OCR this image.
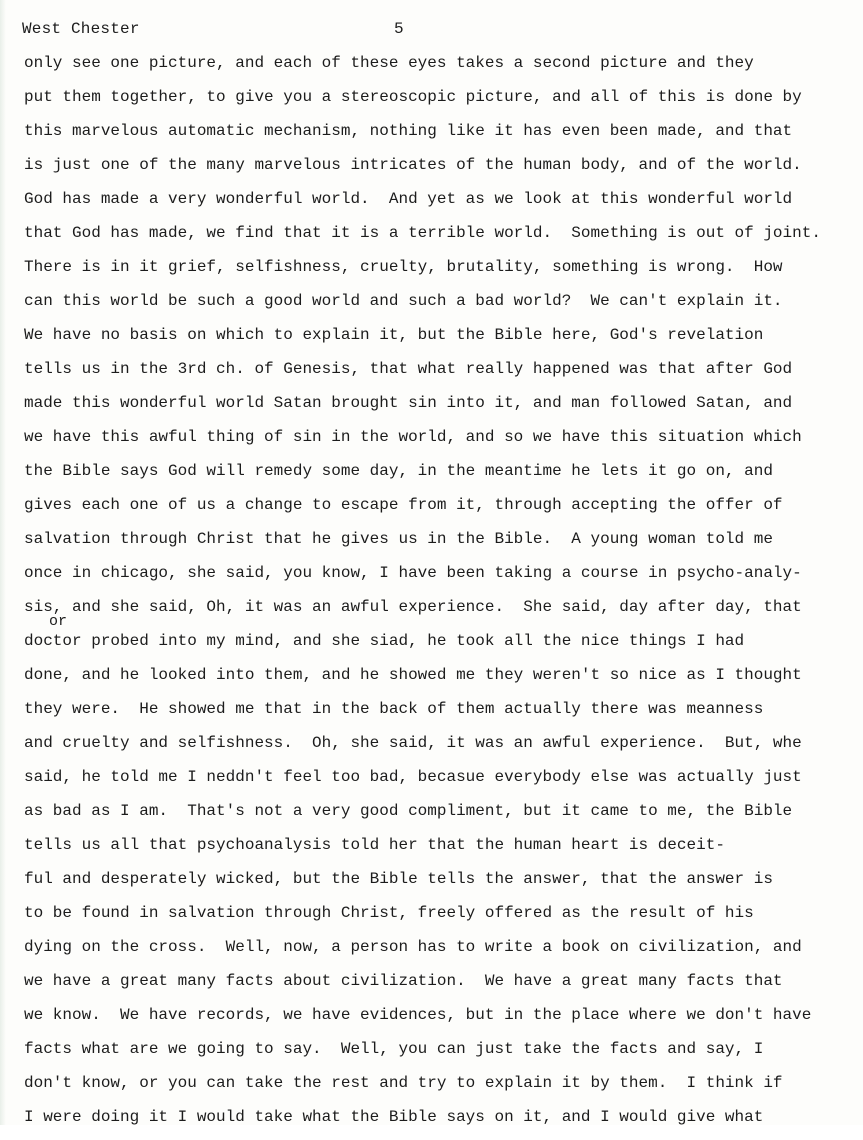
West Chester	5
or
only see one picture, and each of these eyes takes a second picture and they
put them together, to give you a stereoscopic picture, and all of this is done by
this marvelous automatic mechanism, nothing like it has even been made, and that
is just one of the many marvelous intricates of the human body, and of the world.
God has made a very wonderful world.  And yet as we look at this wonderful world
that God has made, we find that it is a terrible world.  Something is out of joint.
There is in it grief, selfishness, cruelty, brutality, something is wrong.  How
can this world be such a good world and such a bad world?  We can't explain it.
We have no basis on which to explain it, but the Bible here, God's revelation
tells us in the 3rd ch. of Genesis, that what really happened was that after God
made this wonderful world Satan brought sin into it, and man followed Satan, and
we have this awful thing of sin in the world, and so we have this situation which
the Bible says God will remedy some day, in the meantime he lets it go on, and
gives each one of us a change to escape from it, through accepting the offer of
salvation through Christ that he gives us in the Bible.  A young woman told me
once in chicago, she said, you know, I have been taking a course in psycho-analy-
sis, and she said, Oh, it was an awful experience.  She said, day after day, that
doctor probed into my mind, and she siad, he took all the nice things I had
done, and he looked into them, and he showed me they weren't so nice as I thought
they were.  He showed me that in the back of them actually there was meanness
and cruelty and selfishness.  Oh, she said, it was an awful experience.  But, whe
said, he told me I neddn't feel too bad, becasue everybody else was actually just
as bad as I am.  That's not a very good compliment, but it came to me, the Bible
tells us all that psychoanalysis told her that the human heart is deceit-
ful and desperately wicked, but the Bible tells the answer, that the answer is
to be found in salvation through Christ, freely offered as the result of his
dying on the cross.  Well, now, a person has to write a book on civilization, and
we have a great many facts about civilization.  We have a great many facts that
we know.  We have records, we have evidences, but in the place where we don't have
facts what are we going to say.  Well, you can just take the facts and say, I
don't know, or you can take the rest and try to explain it by them.  I think if
I were doing it I would take what the Bible says on it, and I would give what
